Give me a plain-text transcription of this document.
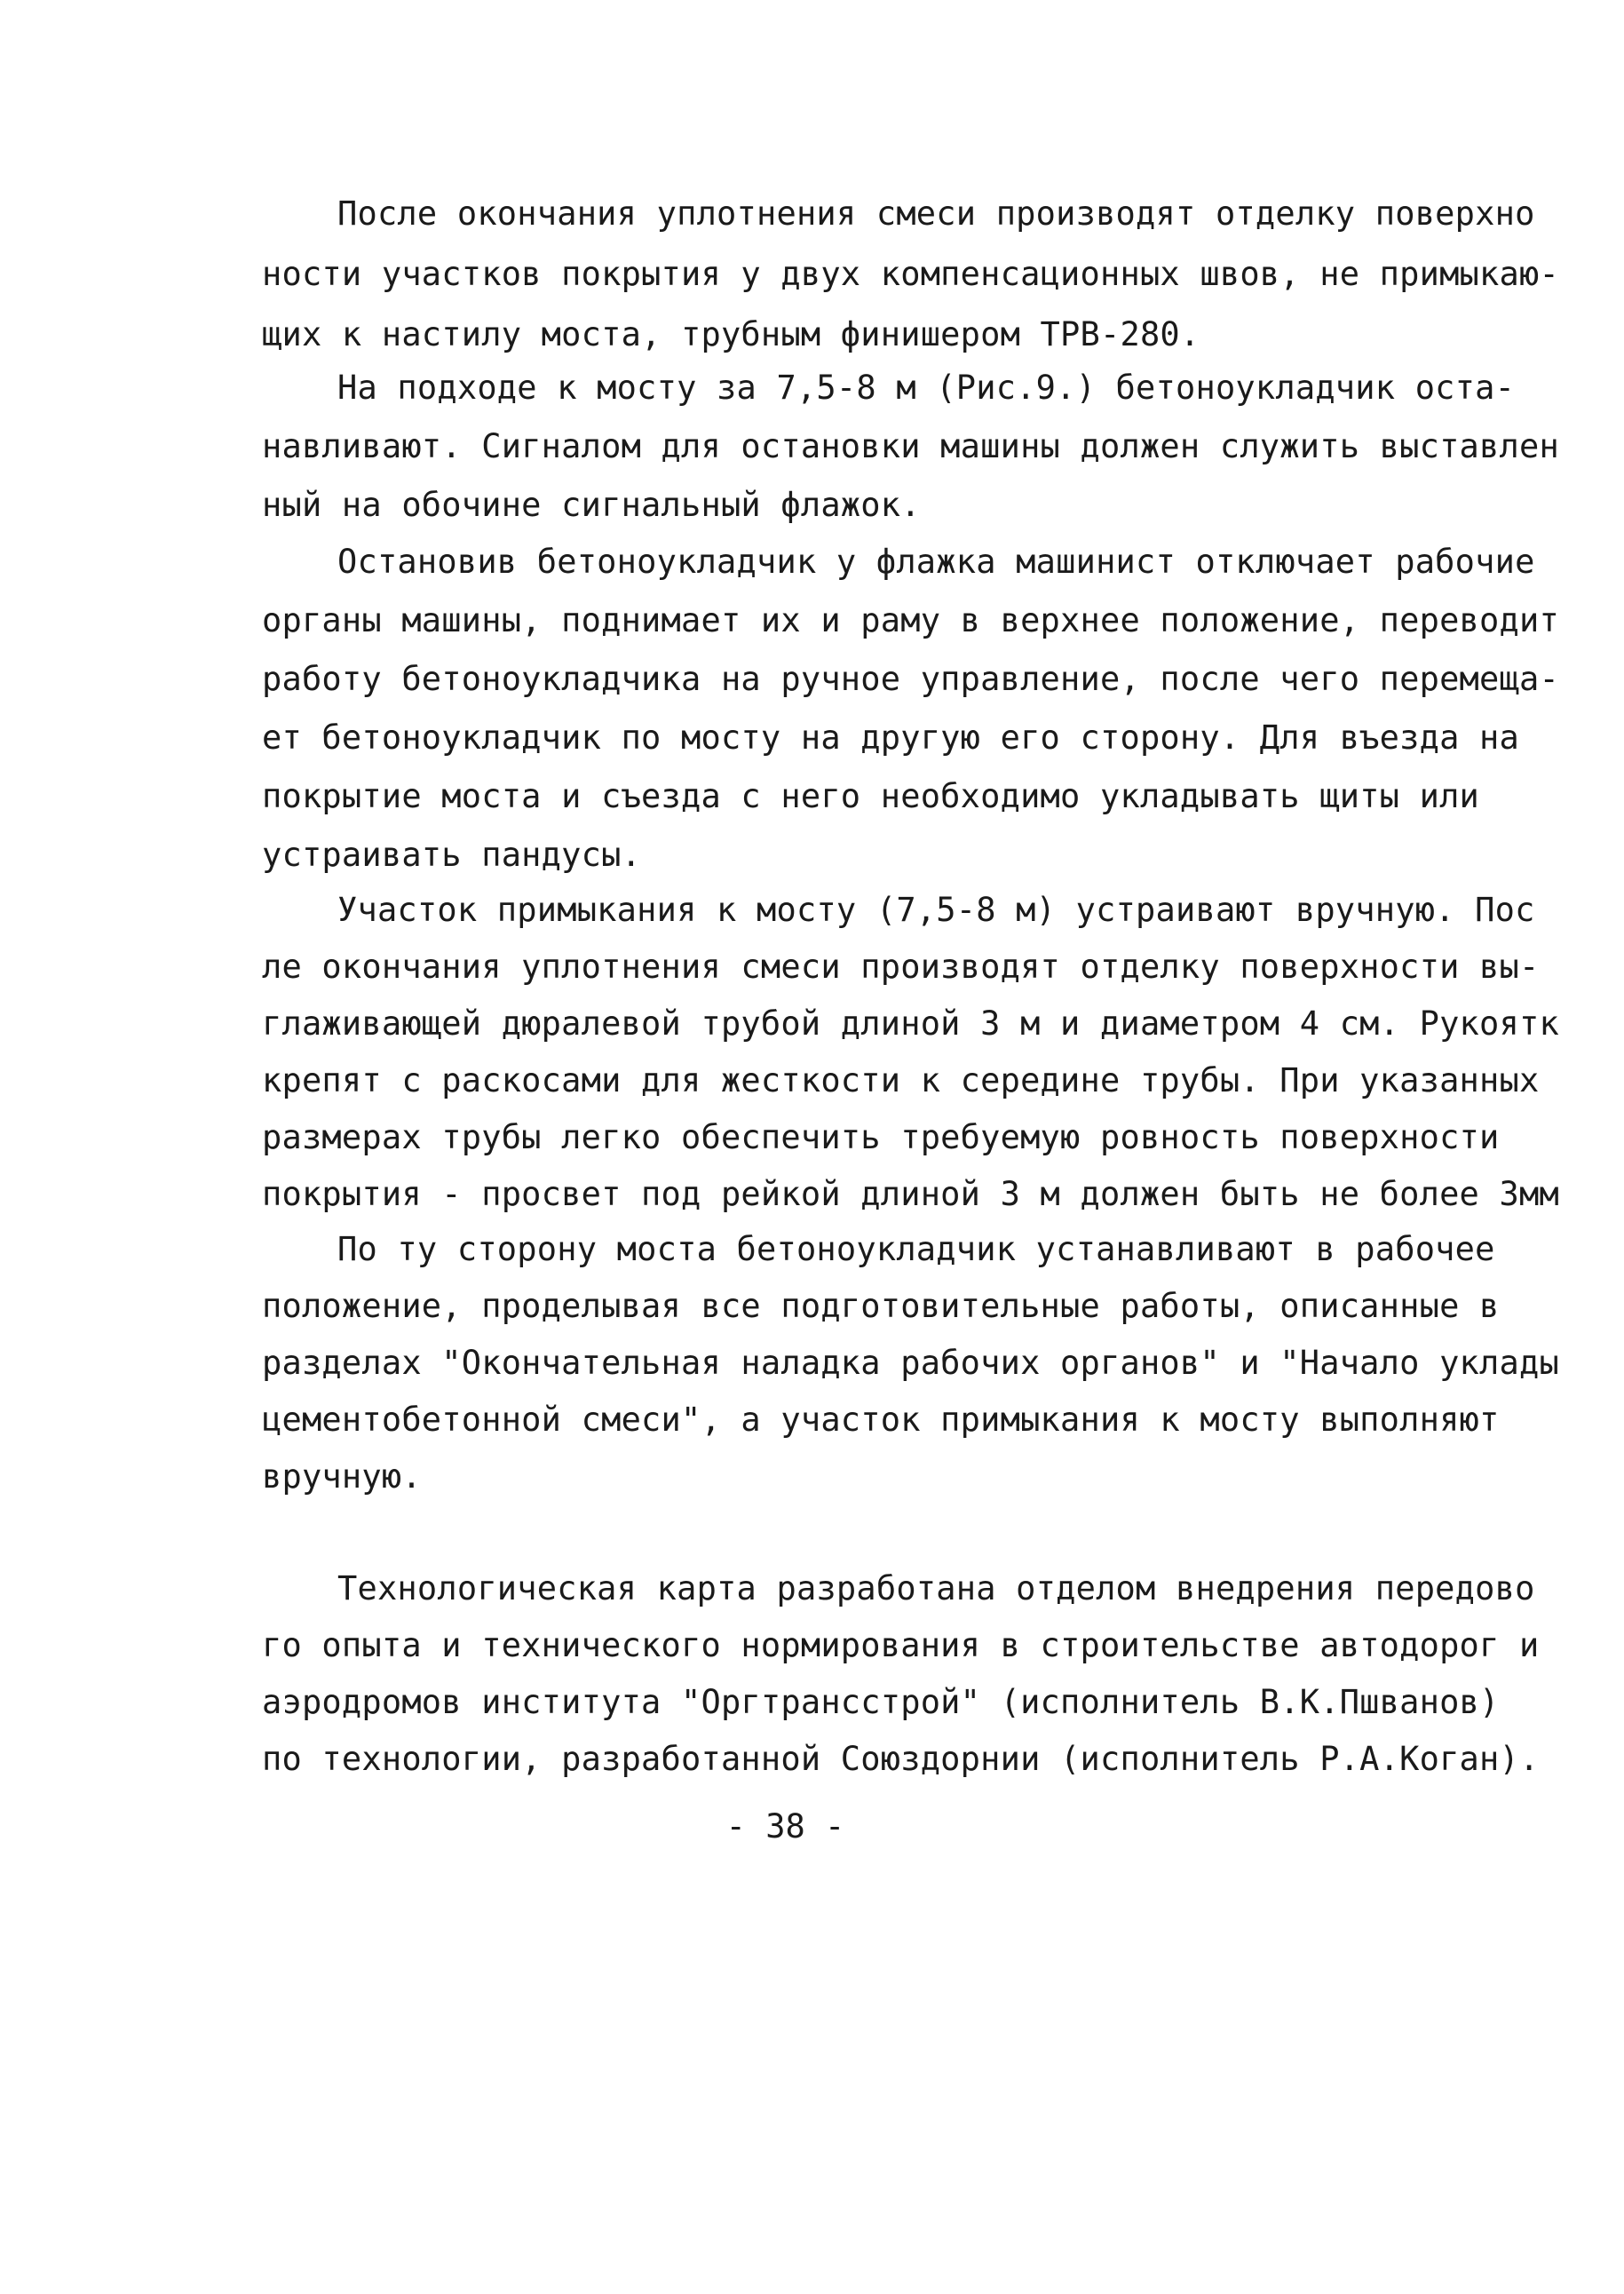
После окончания уплотнения смеси производят отделку поверхно
ности участков покрытия у двух компенсационных швов, не примыкаю-
щих к настилу моста, трубным финишером ТРВ-280.
На подходе к мосту за 7,5-8 м (Рис.9.) бетоноукладчик оста-
навливают. Сигналом для остановки машины должен служить выставлен
ный на обочине сигнальный флажок.
Остановив бетоноукладчик у флажка машинист отключает рабочие
органы машины, поднимает их и раму в верхнее положение, переводит
работу бетоноукладчика на ручное управление, после чего перемеща-
ет бетоноукладчик по мосту на другую его сторону. Для въезда на
покрытие моста и съезда с него необходимо укладывать щиты или
устраивать пандусы.
Участок примыкания к мосту (7,5-8 м) устраивают вручную. Пос
ле окончания уплотнения смеси производят отделку поверхности вы-
глаживающей дюралевой трубой длиной 3 м и диаметром 4 см. Рукоятк
крепят с раскосами для жесткости к середине трубы. При указанных
размерах трубы легко обеспечить требуемую ровность поверхности
покрытия - просвет под рейкой длиной 3 м должен быть не более 3мм
По ту сторону моста бетоноукладчик устанавливают в рабочее
положение, проделывая все подготовительные работы, описанные в
разделах "Окончательная наладка рабочих органов" и "Начало уклады
цементобетонной смеси", а участок примыкания к мосту выполняют
вручную.
Технологическая карта разработана отделом внедрения передово
го опыта и технического нормирования в строительстве автодорог и
аэродромов института "Оргтрансстрой" (исполнитель В.К.Пшванов)
по технологии, разработанной Союздорнии (исполнитель Р.А.Коган).
- 38 -
